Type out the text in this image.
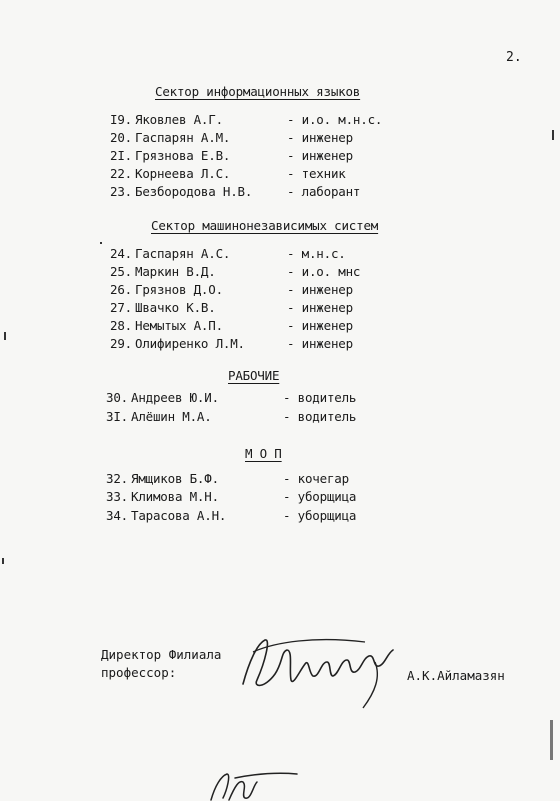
2.
Сектор информационных языков
I9. Яковлев А.Г.	- и.о. м.н.с.
20. Гаспарян А.М.	- инженер
2I. Грязнова Е.В.	- инженер
22. Корнеева Л.С.	- техник
23. Безбородова Н.В.	- лаборант
Сектор машинонезависимых систем
24. Гаспарян А.С.	- м.н.с.
25. Маркин В.Д.	- и.о. мнс
26. Грязнов Д.О.	- инженер
27. Швачко К.В.	- инженер
28. Немытых А.П.	- инженер
29. Олифиренко Л.М.	- инженер
РАБОЧИЕ
30. Андреев Ю.И.	- водитель
3I. Алёшин М.А.	- водитель
М О П
32. Ямщиков Б.Ф.	- кочегар
33. Климова М.Н.	- уборщица
34. Тарасова А.Н.	- уборщица
Директор Филиала
профессор:	А.К.Айламазян
